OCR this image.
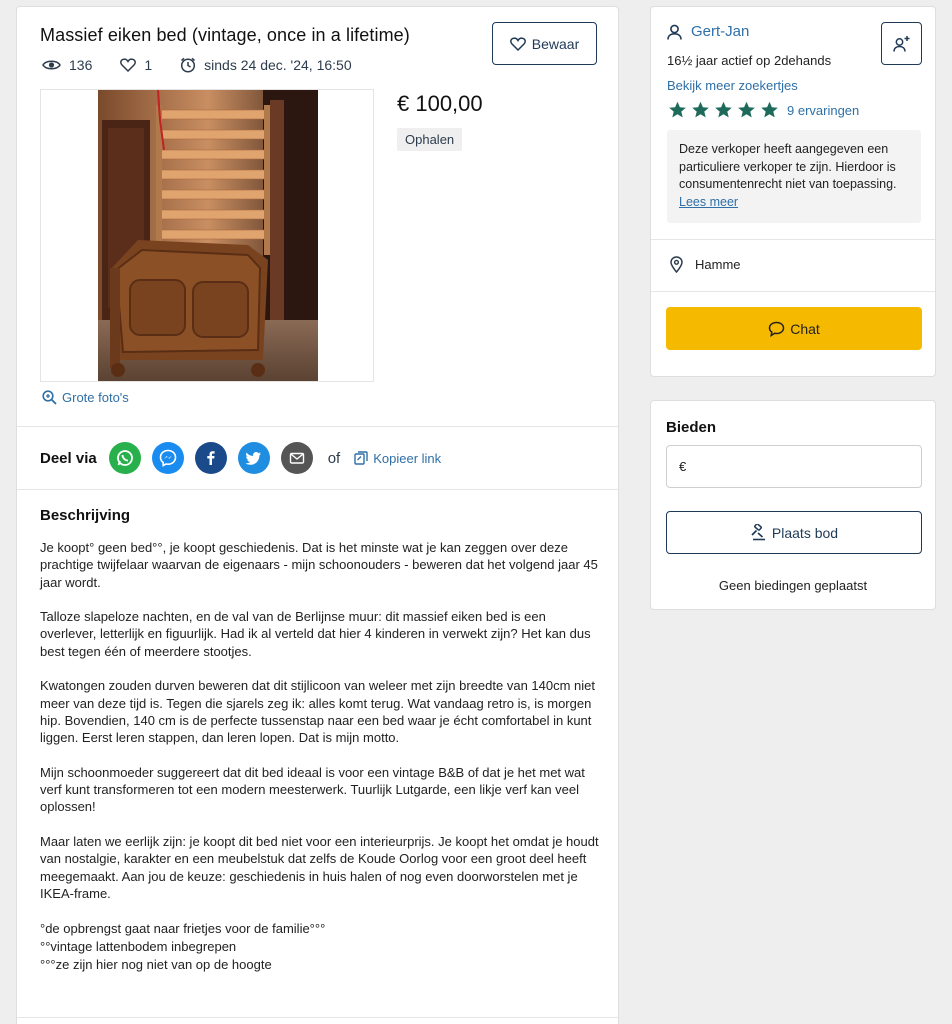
Massief eiken bed (vintage, once in a lifetime)	Bewaar
136	1	sinds 24 dec. '24, 16:50
Grote foto's
€ 100,00
Ophalen
Deel via	of	Kopieer link
Beschrijving

Je koopt° geen bed°°, je koopt geschiedenis. Dat is het minste wat je kan zeggen over deze prachtige twijfelaar waarvan de eigenaars - mijn schoonouders - beweren dat het volgend jaar 45 jaar wordt.

Talloze slapeloze nachten, en de val van de Berlijnse muur: dit massief eiken bed is een overlever, letterlijk en figuurlijk. Had ik al verteld dat hier 4 kinderen in verwekt zijn? Het kan dus best tegen één of meerdere stootjes.

Kwatongen zouden durven beweren dat dit stijlicoon van weleer met zijn breedte van 140cm niet meer van deze tijd is. Tegen die sjarels zeg ik: alles komt terug. Wat vandaag retro is, is morgen hip. Bovendien, 140 cm is de perfecte tussenstap naar een bed waar je écht comfortabel in kunt liggen. Eerst leren stappen, dan leren lopen. Dat is mijn motto.

Mijn schoonmoeder suggereert dat dit bed ideaal is voor een vintage B&B of dat je het met wat verf kunt transformeren tot een modern meesterwerk. Tuurlijk Lutgarde, een likje verf kan veel oplossen!

Maar laten we eerlijk zijn: je koopt dit bed niet voor een interieurprijs. Je koopt het omdat je houdt van nostalgie, karakter en een meubelstuk dat zelfs de Koude Oorlog voor een groot deel heeft meegemaakt. Aan jou de keuze: geschiedenis in huis halen of nog even doorworstelen met je IKEA-frame.

°de opbrengst gaat naar frietjes voor de familie°°°
°°vintage lattenbodem inbegrepen
°°°ze zijn hier nog niet van op de hoogte
Gert-Jan
16½ jaar actief op 2dehands
Bekijk meer zoekertjes
9 ervaringen
Deze verkoper heeft aangegeven een particuliere verkoper te zijn. Hierdoor is consumentenrecht niet van toepassing. Lees meer
Hamme
Chat
Bieden
€
Plaats bod
Geen biedingen geplaatst
